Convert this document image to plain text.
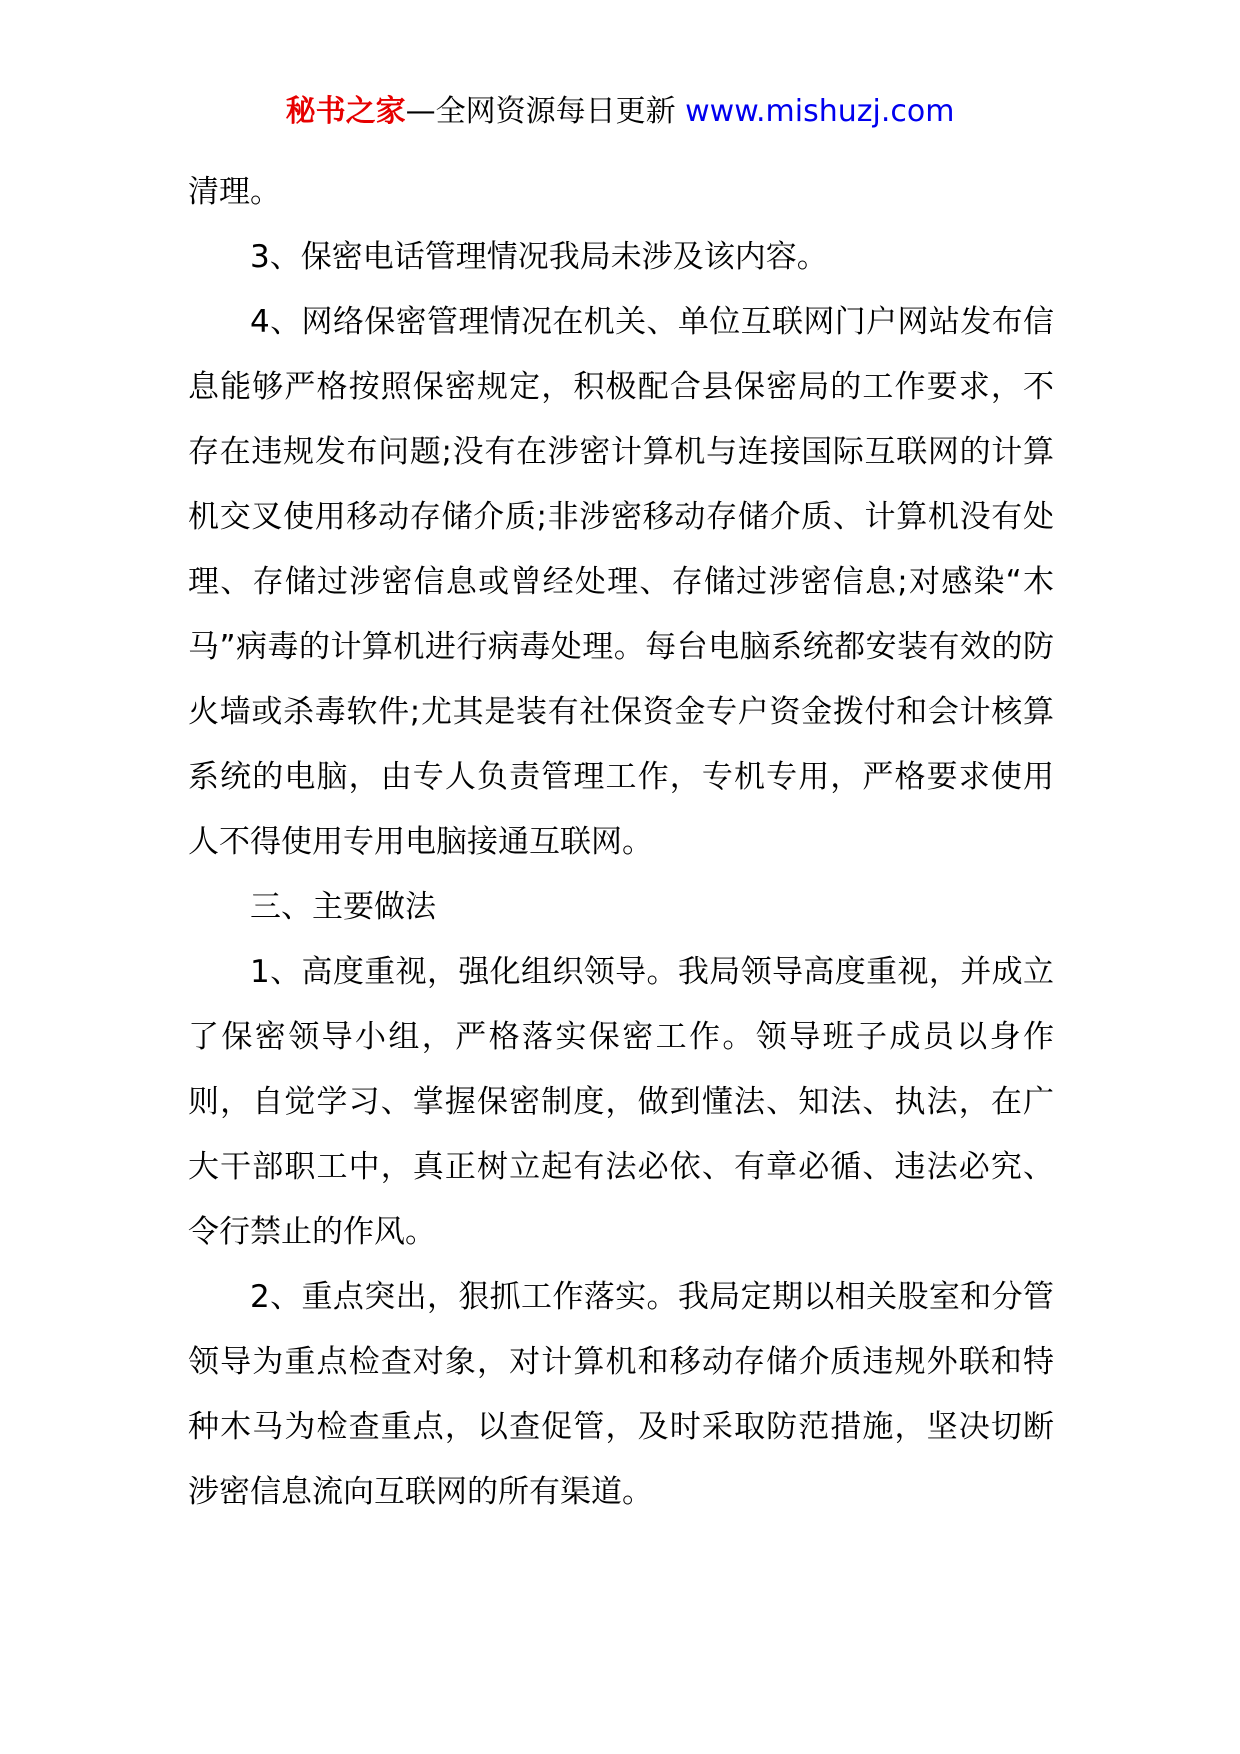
秘书之家—全网资源每日更新 www.mishuzj.com

清理。

3、保密电话管理情况我局未涉及该内容。

4、网络保密管理情况在机关、单位互联网门户网站发布信息能够严格按照保密规定，积极配合县保密局的工作要求，不存在违规发布问题;没有在涉密计算机与连接国际互联网的计算机交叉使用移动存储介质;非涉密移动存储介质、计算机没有处理、存储过涉密信息或曾经处理、存储过涉密信息;对感染“木马”病毒的计算机进行病毒处理。每台电脑系统都安装有效的防火墙或杀毒软件;尤其是装有社保资金专户资金拨付和会计核算系统的电脑，由专人负责管理工作，专机专用，严格要求使用人不得使用专用电脑接通互联网。

三、主要做法

1、高度重视，强化组织领导。我局领导高度重视，并成立了保密领导小组，严格落实保密工作。领导班子成员以身作则，自觉学习、掌握保密制度，做到懂法、知法、执法，在广大干部职工中，真正树立起有法必依、有章必循、违法必究、令行禁止的作风。

2、重点突出，狠抓工作落实。我局定期以相关股室和分管领导为重点检查对象，对计算机和移动存储介质违规外联和特种木马为检查重点，以查促管，及时采取防范措施，坚决切断涉密信息流向互联网的所有渠道。
